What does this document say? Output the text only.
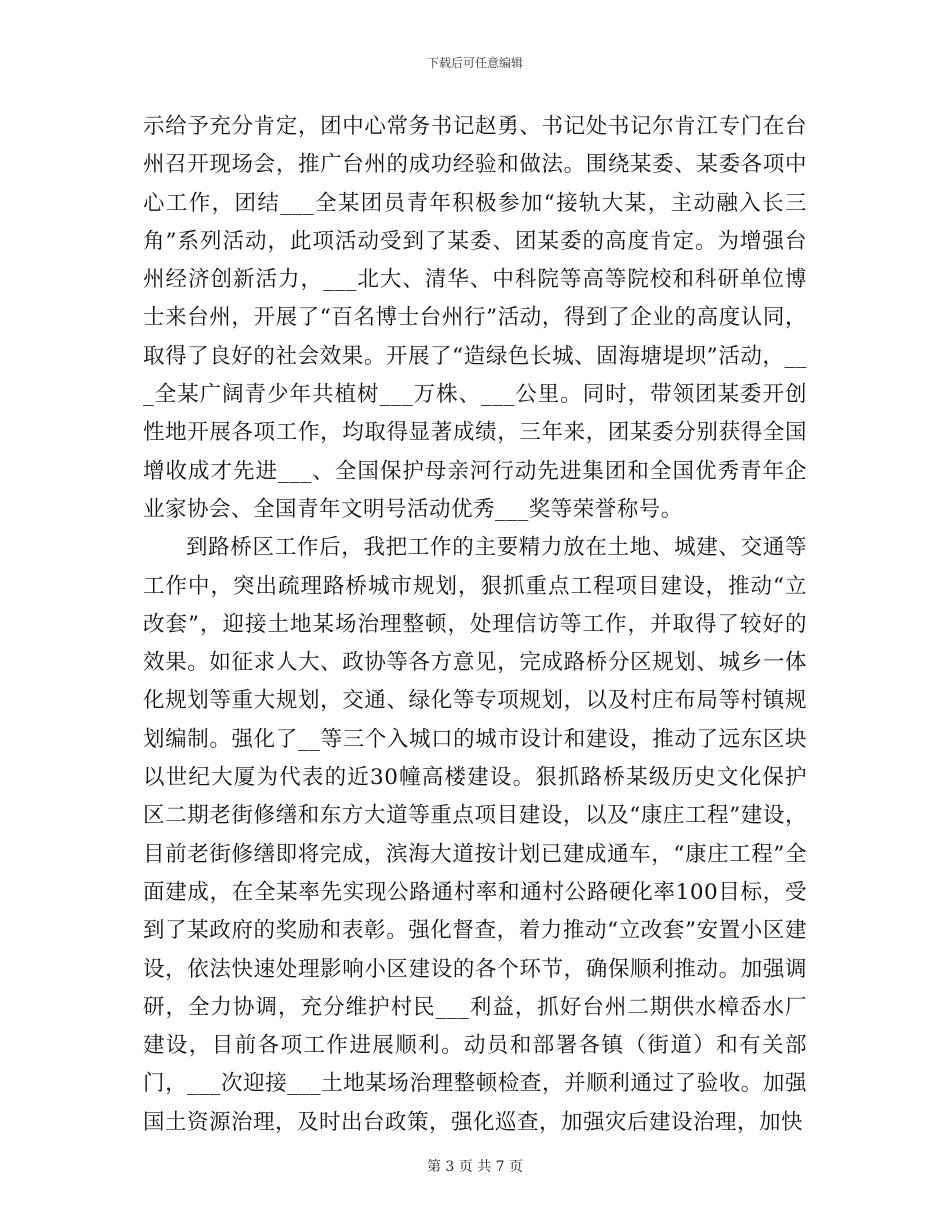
下载后可任意编辑

示给予充分肯定，团中心常务书记赵勇、书记处书记尔肯江专门在台州召开现场会，推广台州的成功经验和做法。围绕某委、某委各项中心工作，团结___全某团员青年积极参加“接轨大某，主动融入长三角”系列活动，此项活动受到了某委、团某委的高度肯定。为增强台州经济创新活力，___北大、清华、中科院等高等院校和科研单位博士来台州，开展了“百名博士台州行”活动，得到了企业的高度认同，取得了良好的社会效果。开展了“造绿色长城、固海塘堤坝”活动，___全某广阔青少年共植树___万株、___公里。同时，带领团某委开创性地开展各项工作，均取得显著成绩，三年来，团某委分别获得全国增收成才先进___、全国保护母亲河行动先进集团和全国优秀青年企业家协会、全国青年文明号活动优秀___奖等荣誉称号。

到路桥区工作后，我把工作的主要精力放在土地、城建、交通等工作中，突出疏理路桥城市规划，狠抓重点工程项目建设，推动“立改套”，迎接土地某场治理整顿，处理信访等工作，并取得了较好的效果。如征求人大、政协等各方意见，完成路桥分区规划、城乡一体化规划等重大规划，交通、绿化等专项规划，以及村庄布局等村镇规划编制。强化了__等三个入城口的城市设计和建设，推动了远东区块以世纪大厦为代表的近30幢高楼建设。狠抓路桥某级历史文化保护区二期老街修缮和东方大道等重点项目建设，以及“康庄工程”建设，目前老街修缮即将完成，滨海大道按计划已建成通车，“康庄工程”全面建成，在全某率先实现公路通村率和通村公路硬化率100目标，受到了某政府的奖励和表彰。强化督查，着力推动“立改套”安置小区建设，依法快速处理影响小区建设的各个环节，确保顺利推动。加强调研，全力协调，充分维护村民___利益，抓好台州二期供水樟岙水厂建设，目前各项工作进展顺利。动员和部署各镇（街道）和有关部门，___次迎接___土地某场治理整顿检查，并顺利通过了验收。加强国土资源治理，及时出台政策，强化巡查，加强灾后建设治理，加快

第 3 页 共 7 页
